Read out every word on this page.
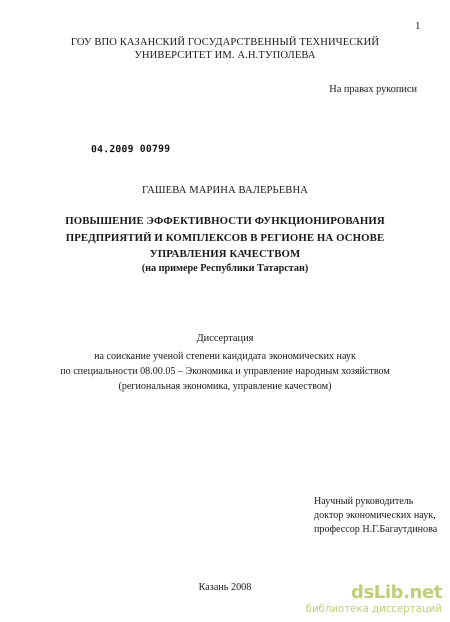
1
ГОУ ВПО КАЗАНСКИЙ ГОСУДАРСТВЕННЫЙ ТЕХНИЧЕСКИЙ
УНИВЕРСИТЕТ ИМ. А.Н.ТУПОЛЕВА
На правах рукописи
04.2009 00799
ГАШЕВА МАРИНА ВАЛЕРЬЕВНА
ПОВЫШЕНИЕ ЭФФЕКТИВНОСТИ ФУНКЦИОНИРОВАНИЯ
ПРЕДПРИЯТИЙ И КОМПЛЕКСОВ В РЕГИОНЕ НА ОСНОВЕ
УПРАВЛЕНИЯ КАЧЕСТВОМ
(на примере Республики Татарстан)
Диссертация
на соискание ученой степени кандидата экономических наук
по специальности 08.00.05 – Экономика и управление народным хозяйством
(региональная экономика, управление качеством)
Научный руководитель
доктор экономических наук,
профессор Н.Г.Багаутдинова
Казань 2008	dsLib.net
библиотека диссертаций
